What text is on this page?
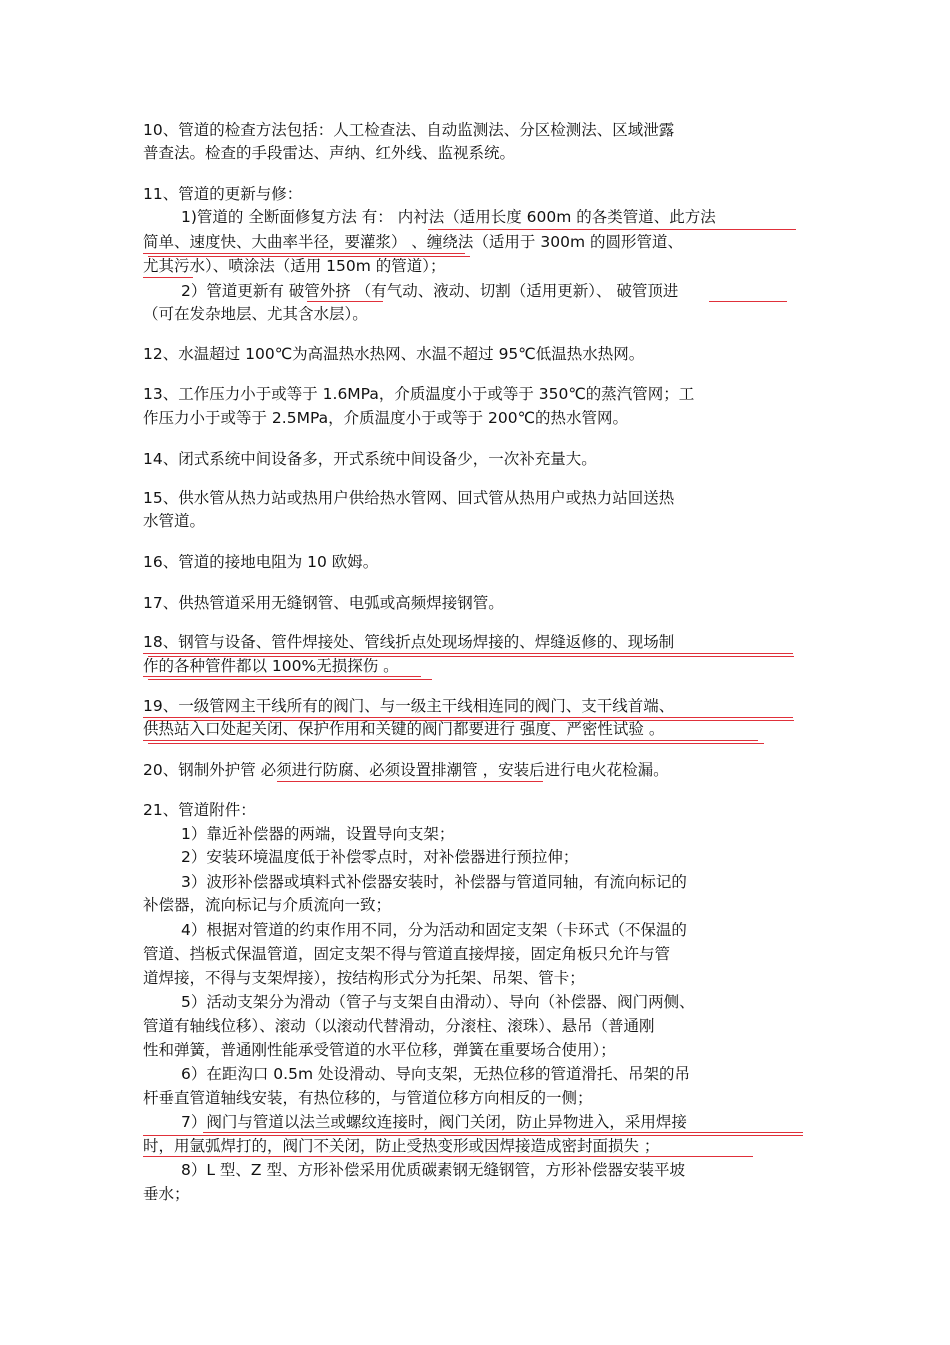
10、管道的检查方法包括：人工检查法、自动监测法、分区检测法、区域泄露
普查法。检查的手段雷达、声纳、红外线、监视系统。
11、管道的更新与修：
1)管道的 全断面修复方法 有： 内衬法（适用长度 600m 的各类管道、此方法
简单、速度快、大曲率半径，要灌浆） 、缠绕法（适用于 300m 的圆形管道、
尤其污水）、喷涂法（适用 150m 的管道）；
2）管道更新有 破管外挤 （有气动、液动、切割（适用更新）、 破管顶进
（可在发杂地层、尤其含水层）。
12、水温超过 100℃为高温热水热网、水温不超过 95℃低温热水热网。
13、工作压力小于或等于 1.6MPa，介质温度小于或等于 350℃的蒸汽管网；工
作压力小于或等于 2.5MPa，介质温度小于或等于 200℃的热水管网。
14、闭式系统中间设备多，开式系统中间设备少，一次补充量大。
15、供水管从热力站或热用户供给热水管网、回式管从热用户或热力站回送热
水管道。
16、管道的接地电阻为 10 欧姆。
17、供热管道采用无缝钢管、电弧或高频焊接钢管。
18、钢管与设备、管件焊接处、管线折点处现场焊接的、焊缝返修的、现场制
作的各种管件都以 100%无损探伤 。
19、一级管网主干线所有的阀门、与一级主干线相连同的阀门、支干线首端、
供热站入口处起关闭、保护作用和关键的阀门都要进行 强度、严密性试验 。
20、钢制外护管 必须进行防腐、必须设置排潮管 ，安装后进行电火花检漏。
21、管道附件：
1）靠近补偿器的两端，设置导向支架；
2）安装环境温度低于补偿零点时，对补偿器进行预拉伸；
3）波形补偿器或填料式补偿器安装时，补偿器与管道同轴，有流向标记的
补偿器，流向标记与介质流向一致；
4）根据对管道的约束作用不同，分为活动和固定支架（卡环式（不保温的
管道、挡板式保温管道，固定支架不得与管道直接焊接，固定角板只允许与管
道焊接，不得与支架焊接），按结构形式分为托架、吊架、管卡；
5）活动支架分为滑动（管子与支架自由滑动）、导向（补偿器、阀门两侧、
管道有轴线位移）、滚动（以滚动代替滑动，分滚柱、滚珠）、悬吊（普通刚
性和弹簧，普通刚性能承受管道的水平位移，弹簧在重要场合使用）；
6）在距沟口 0.5m 处设滑动、导向支架，无热位移的管道滑托、吊架的吊
杆垂直管道轴线安装，有热位移的，与管道位移方向相反的一侧；
7）阀门与管道以法兰或螺纹连接时，阀门关闭，防止异物进入，采用焊接
时，用氩弧焊打的，阀门不关闭，防止受热变形或因焊接造成密封面损失 ；
8）L 型、Z 型、方形补偿采用优质碳素钢无缝钢管，方形补偿器安装平坡
垂水；
